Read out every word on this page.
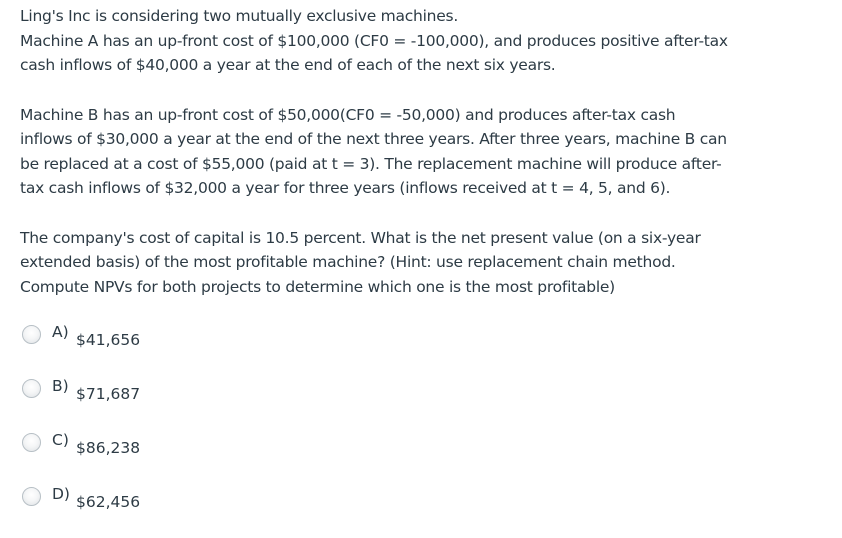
Ling's Inc is considering two mutually exclusive machines.
Machine A has an up-front cost of $100,000 (CF0 = -100,000), and produces positive after-tax
cash inflows of $40,000 a year at the end of each of the next six years.
Machine B has an up-front cost of $50,000(CF0 = -50,000) and produces after-tax cash
inflows of $30,000 a year at the end of the next three years. After three years, machine B can
be replaced at a cost of $55,000 (paid at t = 3). The replacement machine will produce after-
tax cash inflows of $32,000 a year for three years (inflows received at t = 4, 5, and 6).
The company's cost of capital is 10.5 percent. What is the net present value (on a six-year
extended basis) of the most profitable machine? (Hint: use replacement chain method.
Compute NPVs for both projects to determine which one is the most profitable)
A) $41,656
B) $71,687
C) $86,238
D) $62,456
